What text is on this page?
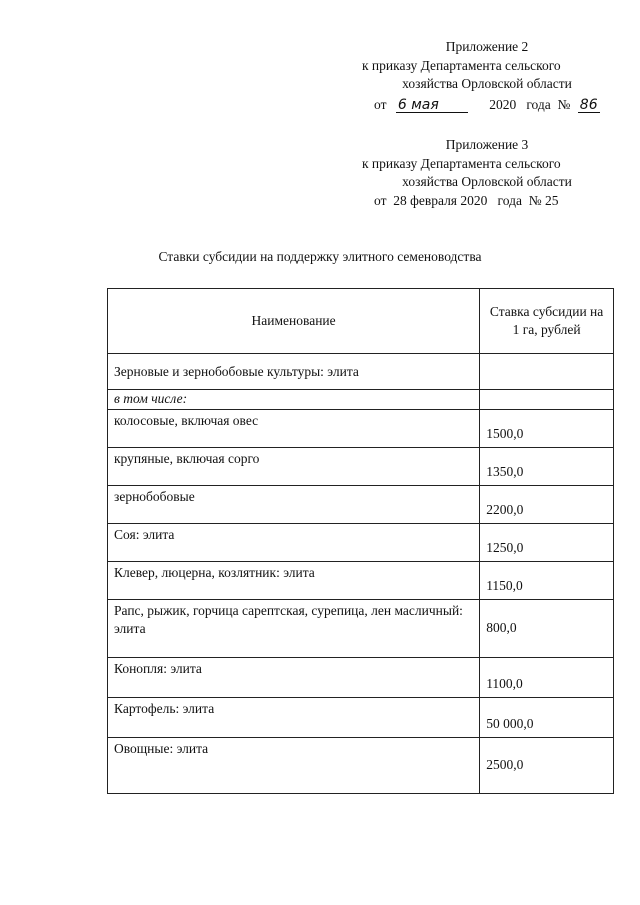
Приложение 2
к приказу Департамента сельского
хозяйства Орловской области
от 6 мая	2020   года  № 86
Приложение 3
к приказу Департамента сельского
хозяйства Орловской области
от  28 февраля 2020   года  № 25
Ставки субсидии на поддержку элитного семеноводства
Наименование	Ставка субсидии на 1 га, рублей
Зерновые и зернобобовые культуры: элита	
в том числе:	
колосовые, включая овес	1500,0
крупяные, включая сорго	1350,0
зернобобовые	2200,0
Соя: элита	1250,0
Клевер, люцерна, козлятник: элита	1150,0
Рапс, рыжик, горчица сарептская, сурепица, лен масличный: элита	800,0
Конопля: элита	1100,0
Картофель: элита	50 000,0
Овощные: элита	2500,0
